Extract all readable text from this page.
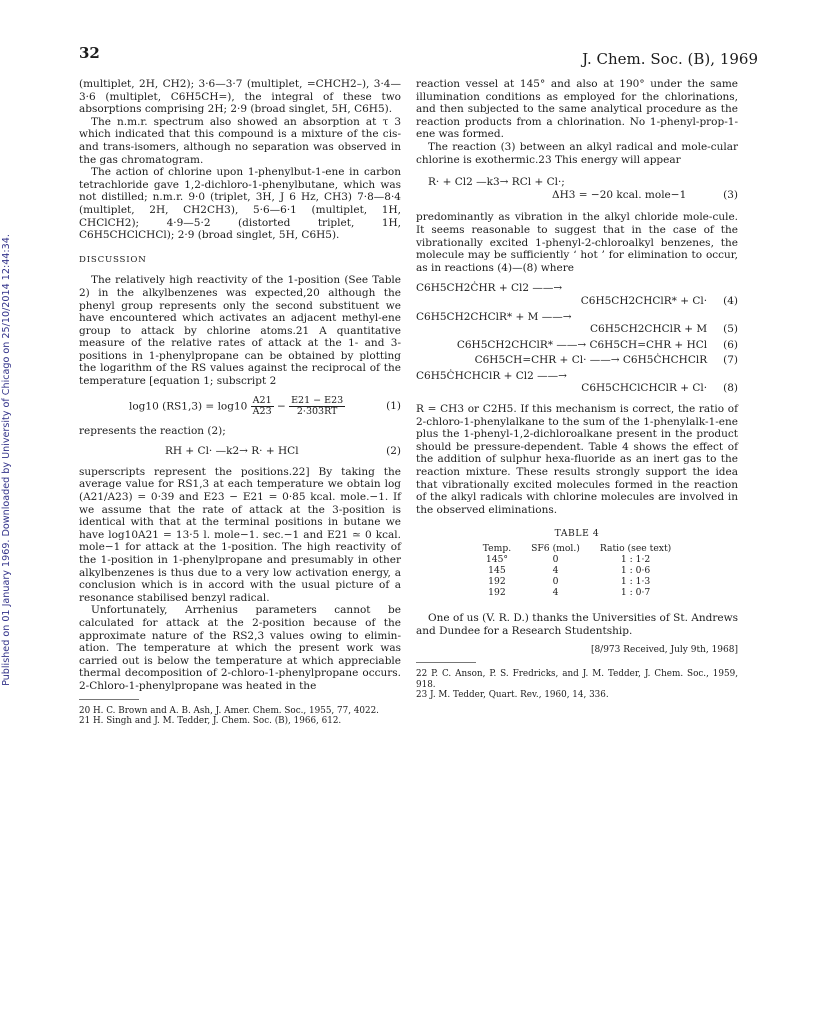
Published on 01 January 1969. Downloaded by University of Chicago on 25/10/2014 12:44:34.
32	J. Chem. Soc. (B), 1969

(multiplet, 2H, CH2); 3·6—3·7 (multiplet, =CHCH2–), 3·4—3·6 (multiplet, C6H5CH=), the integral of these two absorptions comprising 2H; 2·9 (broad singlet, 5H, C6H5).

The n.m.r. spectrum also showed an absorption at τ 3 which indicated that this compound is a mixture of the cis- and trans-isomers, although no separation was observed in the gas chromatogram.

The action of chlorine upon 1-phenylbut-1-ene in carbon tetrachloride gave 1,2-dichloro-1-phenylbutane, which was not distilled; n.m.r. 9·0 (triplet, 3H, J 6 Hz, CH3) 7·8—8·4 (multiplet, 2H, CH2CH3), 5·6—6·1 (multiplet, 1H, CHClCH2); 4·9—5·2 (distorted triplet, 1H, C6H5CHClCHCl); 2·9 (broad singlet, 5H, C6H5).

DISCUSSION

The relatively high reactivity of the 1-position (See Table 2) in the alkylbenzenes was expected,20 although the phenyl group represents only the second substituent we have encountered which activates an adjacent methyl-ene group to attack by chlorine atoms.21 A quantitative measure of the relative rates of attack at the 1- and 3-positions in 1-phenylpropane can be obtained by plotting the logarithm of the RS values against the reciprocal of the temperature [equation 1; subscript 2

log10 $(RS1,3) = \log 10 \frac{A21}{A23} - \frac{E21 - E23}{2\cdot 303RT}$	(1)

represents the reaction (2);

RH + Cl· —k2→ R· + HCl	(2)

superscripts represent the positions.22] By taking the average value for RS1,3 at each temperature we obtain log (A21/A23) = 0·39 and E23 − E21 = 0·85 kcal. mole.−1. If we assume that the rate of attack at the 3-position is identical with that at the terminal positions in butane we have log10A21 = 13·5 l. mole−1. sec.−1 and E21 ≃ 0 kcal. mole−1 for attack at the 1-position. The high reactivity of the 1-position in 1-phenylpropane and presumably in other alkylbenzenes is thus due to a very low activation energy, a conclusion which is in accord with the usual picture of a resonance stabilised benzyl radical.

Unfortunately, Arrhenius parameters cannot be calculated for attack at the 2-position because of the approximate nature of the RS2,3 values owing to elimin-ation. The temperature at which the present work was carried out is below the temperature at which appreciable thermal decomposition of 2-chloro-1-phenylpropane occurs. 2-Chloro-1-phenylpropane was heated in the

20 H. C. Brown and A. B. Ash, J. Amer. Chem. Soc., 1955, 77, 4022.

21 H. Singh and J. M. Tedder, J. Chem. Soc. (B), 1966, 612.

reaction vessel at 145° and also at 190° under the same illumination conditions as employed for the chlorinations, and then subjected to the same analytical procedure as the reaction products from a chlorination. No 1-phenyl-prop-1-ene was formed.

The reaction (3) between an alkyl radical and mole-cular chlorine is exothermic.23 This energy will appear

R· + Cl2 —k3→ RCl + Cl·;
ΔH3 = −20 kcal. mole−1	(3)

predominantly as vibration in the alkyl chloride mole-cule. It seems reasonable to suggest that in the case of the vibrationally excited 1-phenyl-2-chloroalkyl benzenes, the molecule may be sufficiently ‘ hot ’ for elimination to occur, as in reactions (4)—(8) where

C6H5CH2ĊHR + Cl2 ——→
C6H5CH2CHClR* + Cl· (4)
C6H5CH2CHClR* + M ——→
C6H5CH2CHClR + M (5)
C6H5CH2CHClR* ——→ C6H5CH=CHR + HCl (6)
C6H5CH=CHR + Cl· ——→ C6H5ĊHCHClR (7)
C6H5ĊHCHClR + Cl2 ——→
C6H5CHClCHClR + Cl· (8)

R = CH3 or C2H5. If this mechanism is correct, the ratio of 2-chloro-1-phenylalkane to the sum of the 1-phenylalk-1-ene plus the 1-phenyl-1,2-dichloroalkane present in the product should be pressure-dependent. Table 4 shows the effect of the addition of sulphur hexa-fluoride as an inert gas to the reaction mixture. These results strongly support the idea that vibrationally excited molecules formed in the reaction of the alkyl radicals with chlorine molecules are involved in the observed eliminations.

TABLE 4
Temp.	SF6 (mol.)	Ratio (see text)
145°	0	1 : 1·2
145	4	1 : 0·6
192	0	1 : 1·3
192	4	1 : 0·7

One of us (V. R. D.) thanks the Universities of St. Andrews and Dundee for a Research Studentship.

[8/973 Received, July 9th, 1968]

22 P. C. Anson, P. S. Fredricks, and J. M. Tedder, J. Chem. Soc., 1959, 918.

23 J. M. Tedder, Quart. Rev., 1960, 14, 336.
